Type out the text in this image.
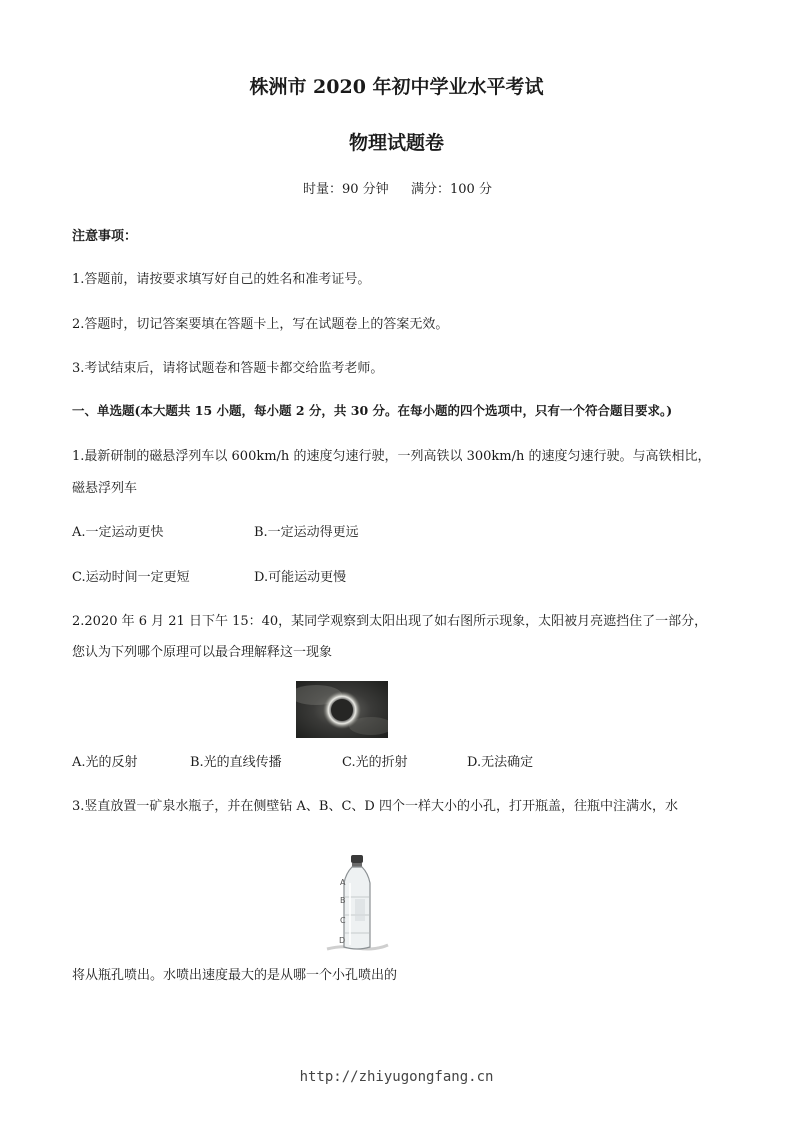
株洲市 2020 年初中学业水平考试
物理试题卷
时量：90 分钟 满分：100 分
注意事项：
1.答题前，请按要求填写好自己的姓名和准考证号。
2.答题时，切记答案要填在答题卡上，写在试题卷上的答案无效。
3.考试结束后，请将试题卷和答题卡都交给监考老师。
一、单选题(本大题共 15 小题，每小题 2 分，共 30 分。在每小题的四个选项中，只有一个符合题目要求。)
1.最新研制的磁悬浮列车以 600km/h 的速度匀速行驶，一列高铁以 300km/h 的速度匀速行驶。与高铁相比，
磁悬浮列车
A.一定运动更快	B.一定运动得更远
C.运动时间一定更短	D.可能运动更慢
2.2020 年 6 月 21 日下午 15：40，某同学观察到太阳出现了如右图所示现象，太阳被月亮遮挡住了一部分，
您认为下列哪个原理可以最合理解释这一现象
A.光的反射	B.光的直线传播	C.光的折射	D.无法确定
3.竖直放置一矿泉水瓶子，并在侧壁钻 A、B、C、D 四个一样大小的小孔，打开瓶盖，往瓶中注满水，水
A
B
C
D
将从瓶孔喷出。水喷出速度最大的是从哪一个小孔喷出的
http://zhiyugongfang.cn
